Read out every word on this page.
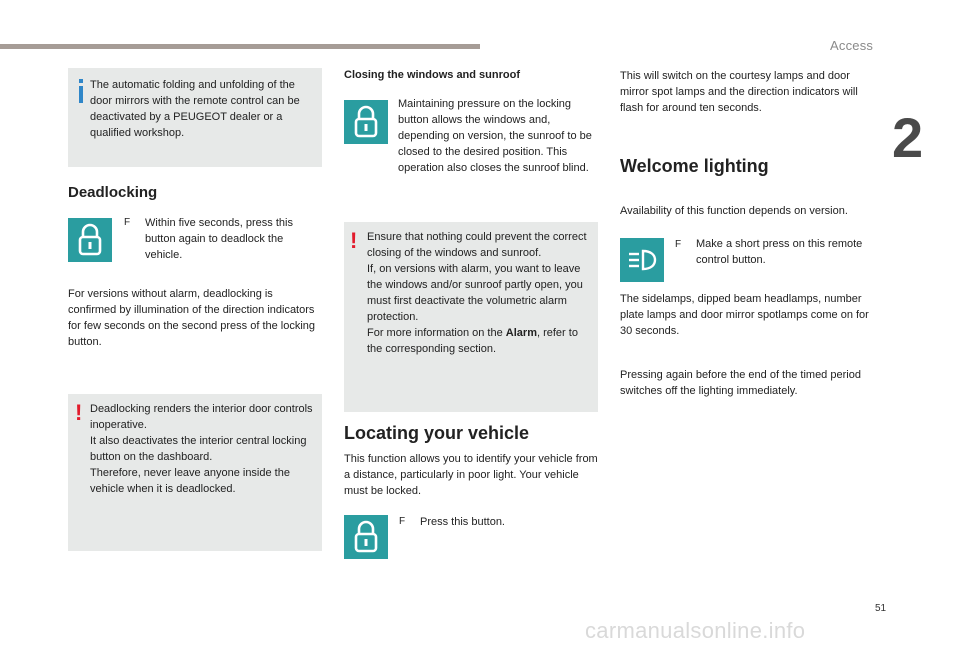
Access
2
51
carmanualsonline.info
The automatic folding and unfolding of the door mirrors with the remote control can be deactivated by a PEUGEOT dealer or a qualified workshop.
Deadlocking
F Within five seconds, press this button again to deadlock the vehicle.
For versions without alarm, deadlocking is confirmed by illumination of the direction indicators for few seconds on the second press of the locking button.
! Deadlocking renders the interior door controls inoperative.
It also deactivates the interior central locking button on the dashboard.
Therefore, never leave anyone inside the vehicle when it is deadlocked.
Closing the windows and sunroof
Maintaining pressure on the locking button allows the windows and, depending on version, the sunroof to be closed to the desired position. This operation also closes the sunroof blind.
! Ensure that nothing could prevent the correct closing of the windows and sunroof.
If, on versions with alarm, you want to leave the windows and/or sunroof partly open, you must first deactivate the volumetric alarm protection.
For more information on the Alarm, refer to the corresponding section.
Locating your vehicle
This function allows you to identify your vehicle from a distance, particularly in poor light. Your vehicle must be locked.
F Press this button.
This will switch on the courtesy lamps and door mirror spot lamps and the direction indicators will flash for around ten seconds.
Welcome lighting
Availability of this function depends on version.
F Make a short press on this remote control button.
The sidelamps, dipped beam headlamps, number plate lamps and door mirror spotlamps come on for 30 seconds.
Pressing again before the end of the timed period switches off the lighting immediately.
